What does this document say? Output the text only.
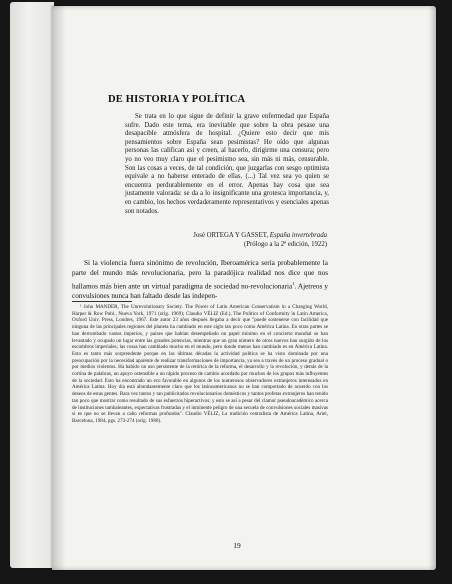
DE HISTORIA Y POLÍTICA
Se trata en lo que sigue de definir la grave enfermedad que España sufre. Dado este tema, era inevitable que sobre la obra pesase una desapacible atmósfera de hospital. ¿Quiere esto decir que mis pensamientos sobre España sean pesimistas? He oído que algunas personas las califican así y creen, al hacerlo, dirigirme una censura; pero yo no veo muy claro que el pesimismo sea, sin más ni más, censurable. Son las cosas a veces, de tal condición, que juzgarlas con sesgo optimista equivale a no haberse enterado de ellas. (...) Tal vez sea yo quien se encuentra perdurablemente en el error. Apenas hay cosa que sea justamente valorada: se da a lo insignificante una grotesca importancia, y, en cambio, los hechos verdaderamente representativos y esenciales apenas son notados.
José ORTEGA Y GASSET, España invertebrada
(Prólogo a la 2ª edición, 1922)
Si la violencia fuera sinónimo de revolución, Iberoamérica sería probablemente la parte del mundo más revolucionaria, pero la paradójica realidad nos dice que nos hallamos más bien ante un virtual paradigma de sociedad no-revolucionaria$^1$. Ajetreos y convulsiones nunca han faltado desde las indepen-
¹ John MANDER, The Unrevolutionary Society. The Power of Latin American Conservatism in a Changing World, Harper & Row Publ., Nueva York, 1971 (orig. 1969); Claudio VÉLIZ (Ed.), The Politics of Conformity in Latin America, Oxford Univ. Press, Londres, 1967. Este autor 23 años después llegaba a decir que "puede sostenerse con facilidad que ninguna de las principales regiones del planeta ha cambiado en este siglo tan poco como América Latina. En otras partes se han derrumbado vastos imperios, y países que habían desempeñado un papel mínimo en el concierto mundial se han levantado y ocupado un lugar entre las grandes potencias, mientras que un gran número de otros nuevos han surgido de los escombros imperiales; las cosas han cambiado mucho en el mundo, pero donde menos han cambiado es en América Latina. Esto es tanto más sorprendente porque en las últimas décadas la actividad política se ha visto dominada por una preocupación por la necesidad aparente de realizar transformaciones de importancia, ya sea a través de un proceso gradual o por medios violentos. Ha habido un uso persistente de la retórica de la reforma, el desarrollo y la revolución, y detrás de la cortina de palabras, un apoyo ostensible a un rápido proceso de cambio acordado por muchos de los grupos más influyentes de la sociedad. Esto ha encontrado un eco favorable en algunos de los numerosos observadores extranjeros interesados en América Latina. Hoy día está abundantemente claro que los latinoamericanos no se han comportado de acuerdo con los deseos de estas gentes. Rara vez tantos y tan publicitados revolucionarios domésticos y tantos profetas extranjeros han tenido tan poco que mostrar como resultado de sus esfuerzos hiperactivos; y esto se así a pesar del clamor pseudoacadémico acerca de instituciones tambaleantes, expectativas frustradas y el inminente peligro de una secuela de convulsiones sociales masivas si es que no se llevan a cabo reformas profundas". Claudio VÉLIZ, La tradición centralista de América Latina, Ariel, Barcelona, 1984, pgs. 273-274 (orig. 1980).
19
